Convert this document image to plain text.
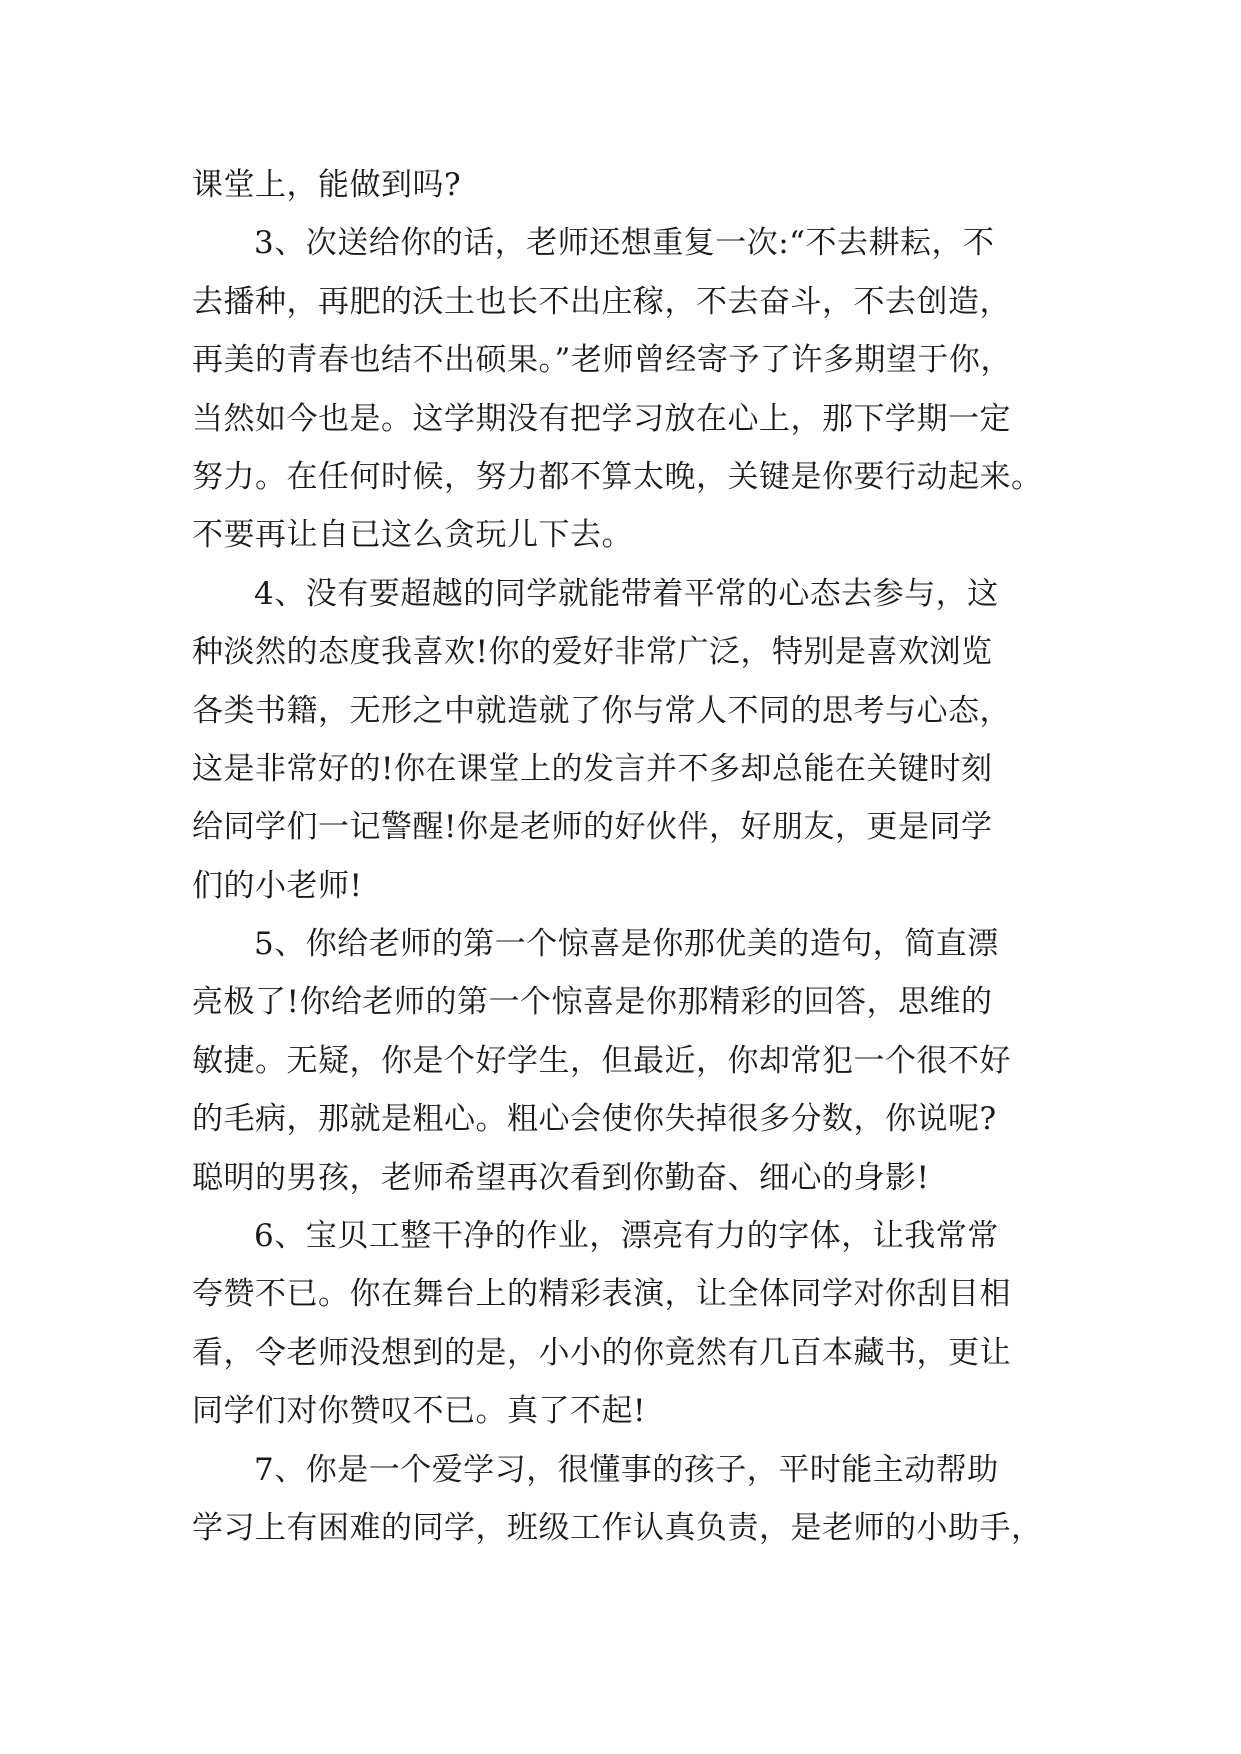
课堂上，能做到吗?
3、次送给你的话，老师还想重复一次:“不去耕耘，不
去播种，再肥的沃土也长不出庄稼，不去奋斗，不去创造，
再美的青春也结不出硕果。”老师曾经寄予了许多期望于你，
当然如今也是。这学期没有把学习放在心上，那下学期一定
努力。在任何时候，努力都不算太晚，关键是你要行动起来。
不要再让自已这么贪玩儿下去。
4、没有要超越的同学就能带着平常的心态去参与，这
种淡然的态度我喜欢!你的爱好非常广泛，特别是喜欢浏览
各类书籍，无形之中就造就了你与常人不同的思考与心态，
这是非常好的!你在课堂上的发言并不多却总能在关键时刻
给同学们一记警醒!你是老师的好伙伴，好朋友，更是同学
们的小老师!
5、你给老师的第一个惊喜是你那优美的造句，简直漂
亮极了!你给老师的第一个惊喜是你那精彩的回答，思维的
敏捷。无疑，你是个好学生，但最近，你却常犯一个很不好
的毛病，那就是粗心。粗心会使你失掉很多分数，你说呢?
聪明的男孩，老师希望再次看到你勤奋、细心的身影!
6、宝贝工整干净的作业，漂亮有力的字体，让我常常
夸赞不已。你在舞台上的精彩表演，让全体同学对你刮目相
看，令老师没想到的是，小小的你竟然有几百本藏书，更让
同学们对你赞叹不已。真了不起!
7、你是一个爱学习，很懂事的孩子，平时能主动帮助
学习上有困难的同学，班级工作认真负责，是老师的小助手，
